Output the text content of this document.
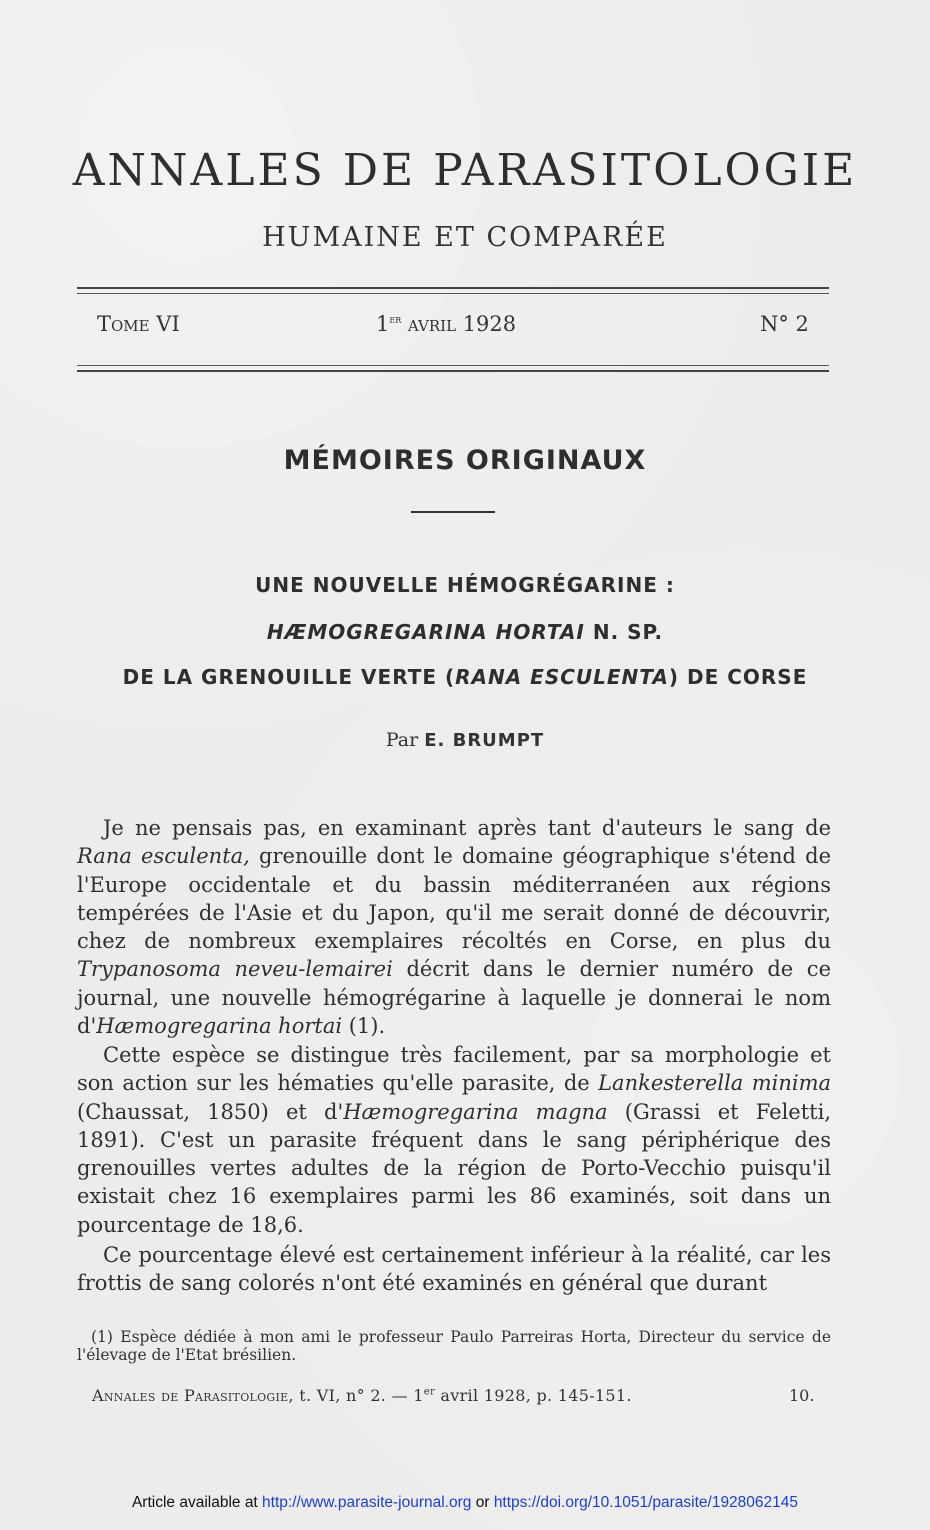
ANNALES DE PARASITOLOGIE
HUMAINE ET COMPARÉE
Tome VI	1er avril 1928	N° 2
MÉMOIRES ORIGINAUX
UNE NOUVELLE HÉMOGRÉGARINE :
HÆMOGREGARINA HORTAI N. SP.
DE LA GRENOUILLE VERTE (RANA ESCULENTA) DE CORSE
Par E. BRUMPT
Je ne pensais pas, en examinant après tant d'auteurs le sang de Rana esculenta, grenouille dont le domaine géographique s'étend de l'Europe occidentale et du bassin méditerranéen aux régions tempérées de l'Asie et du Japon, qu'il me serait donné de découvrir, chez de nombreux exemplaires récoltés en Corse, en plus du Trypanosoma neveu-lemairei décrit dans le dernier numéro de ce journal, une nouvelle hémogrégarine à laquelle je donnerai le nom d'Hæmogregarina hortai (1).
Cette espèce se distingue très facilement, par sa morphologie et son action sur les hématies qu'elle parasite, de Lankesterella minima (Chaussat, 1850) et d'Hæmogregarina magna (Grassi et Feletti, 1891). C'est un parasite fréquent dans le sang périphérique des grenouilles vertes adultes de la région de Porto-Vecchio puisqu'il existait chez 16 exemplaires parmi les 86 examinés, soit dans un pourcentage de 18,6.
Ce pourcentage élevé est certainement inférieur à la réalité, car les frottis de sang colorés n'ont été examinés en général que durant
(1) Espèce dédiée à mon ami le professeur Paulo Parreiras Horta, Directeur du service de l'élevage de l'Etat brésilien.
Annales de Parasitologie, t. VI, n° 2. — 1er avril 1928, p. 145-151.	10.
Article available at http://www.parasite-journal.org or https://doi.org/10.1051/parasite/1928062145
